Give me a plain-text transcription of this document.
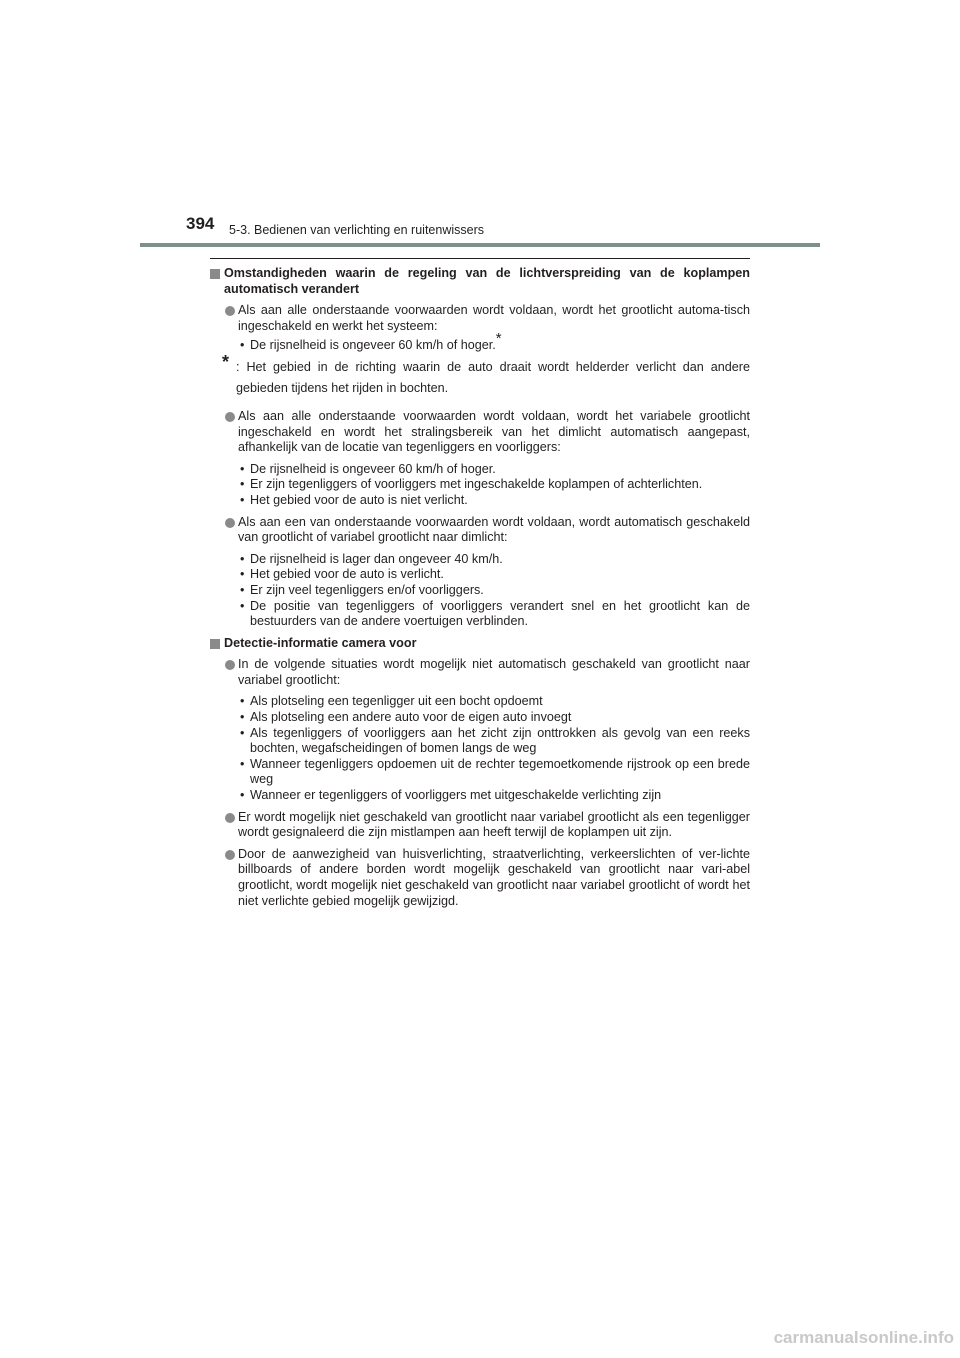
394 5-3. Bedienen van verlichting en ruitenwissers
Omstandigheden waarin de regeling van de lichtverspreiding van de koplampen automatisch verandert
Als aan alle onderstaande voorwaarden wordt voldaan, wordt het grootlicht automa-tisch ingeschakeld en werkt het systeem:
• De rijsnelheid is ongeveer 60 km/h of hoger.*
* : Het gebied in de richting waarin de auto draait wordt helderder verlicht dan andere gebieden tijdens het rijden in bochten.
Als aan alle onderstaande voorwaarden wordt voldaan, wordt het variabele grootlicht ingeschakeld en wordt het stralingsbereik van het dimlicht automatisch aangepast, afhankelijk van de locatie van tegenliggers en voorliggers:
• De rijsnelheid is ongeveer 60 km/h of hoger.
• Er zijn tegenliggers of voorliggers met ingeschakelde koplampen of achterlichten.
• Het gebied voor de auto is niet verlicht.
Als aan een van onderstaande voorwaarden wordt voldaan, wordt automatisch geschakeld van grootlicht of variabel grootlicht naar dimlicht:
• De rijsnelheid is lager dan ongeveer 40 km/h.
• Het gebied voor de auto is verlicht.
• Er zijn veel tegenliggers en/of voorliggers.
• De positie van tegenliggers of voorliggers verandert snel en het grootlicht kan de bestuurders van de andere voertuigen verblinden.
Detectie-informatie camera voor
In de volgende situaties wordt mogelijk niet automatisch geschakeld van grootlicht naar variabel grootlicht:
• Als plotseling een tegenligger uit een bocht opdoemt
• Als plotseling een andere auto voor de eigen auto invoegt
• Als tegenliggers of voorliggers aan het zicht zijn onttrokken als gevolg van een reeks bochten, wegafscheidingen of bomen langs de weg
• Wanneer tegenliggers opdoemen uit de rechter tegemoetkomende rijstrook op een brede weg
• Wanneer er tegenliggers of voorliggers met uitgeschakelde verlichting zijn
Er wordt mogelijk niet geschakeld van grootlicht naar variabel grootlicht als een tegenligger wordt gesignaleerd die zijn mistlampen aan heeft terwijl de koplampen uit zijn.
Door de aanwezigheid van huisverlichting, straatverlichting, verkeerslichten of ver-lichte billboards of andere borden wordt mogelijk geschakeld van grootlicht naar vari-abel grootlicht, wordt mogelijk niet geschakeld van grootlicht naar variabel grootlicht of wordt het niet verlichte gebied mogelijk gewijzigd.
carmanualsonline.info
